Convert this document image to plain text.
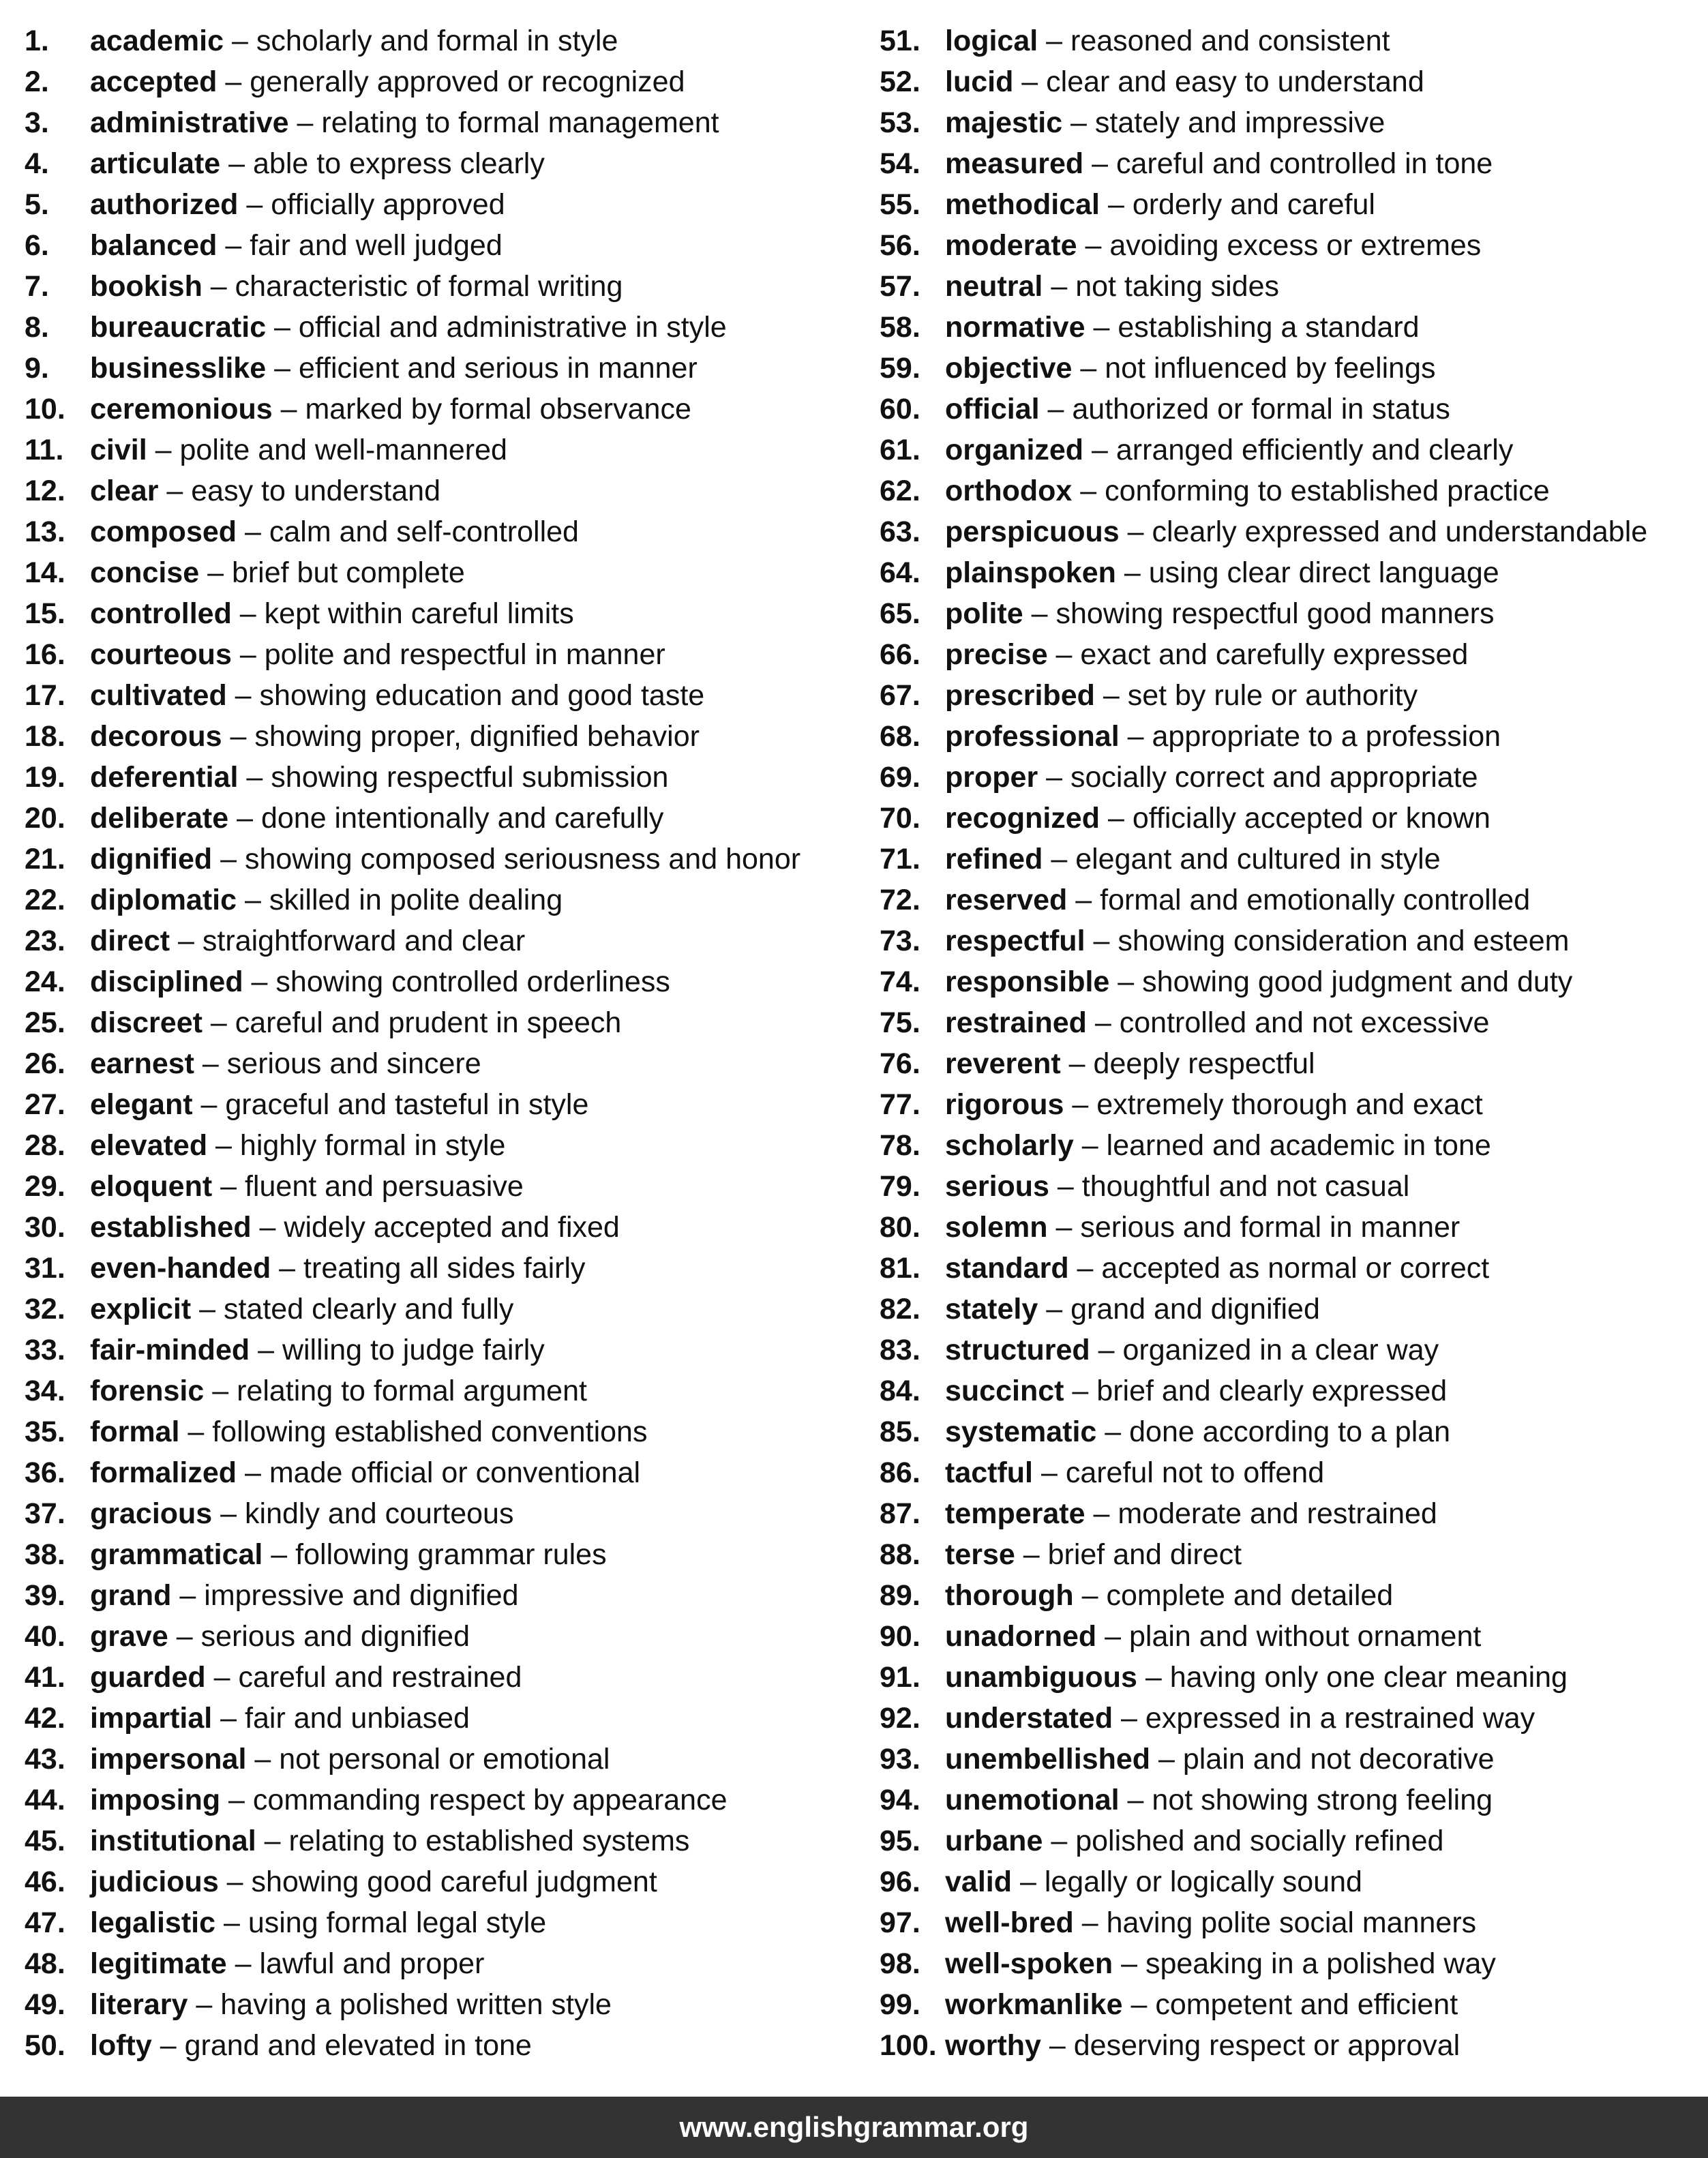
1.	academic – scholarly and formal in style
2.	accepted – generally approved or recognized
3.	administrative – relating to formal management
4.	articulate – able to express clearly
5.	authorized – officially approved
6.	balanced – fair and well judged
7.	bookish – characteristic of formal writing
8.	bureaucratic – official and administrative in style
9.	businesslike – efficient and serious in manner
10. ceremonious – marked by formal observance
11. civil – polite and well-mannered
12. clear – easy to understand
13. composed – calm and self-controlled
14. concise – brief but complete
15. controlled – kept within careful limits
16. courteous – polite and respectful in manner
17. cultivated – showing education and good taste
18. decorous – showing proper, dignified behavior
19. deferential – showing respectful submission
20. deliberate – done intentionally and carefully
21. dignified – showing composed seriousness and honor
22. diplomatic – skilled in polite dealing
23. direct – straightforward and clear
24. disciplined – showing controlled orderliness
25. discreet – careful and prudent in speech
26. earnest – serious and sincere
27. elegant – graceful and tasteful in style
28. elevated – highly formal in style
29. eloquent – fluent and persuasive
30. established – widely accepted and fixed
31. even-handed – treating all sides fairly
32. explicit – stated clearly and fully
33. fair-minded – willing to judge fairly
34. forensic – relating to formal argument
35. formal – following established conventions
36. formalized – made official or conventional
37. gracious – kindly and courteous
38. grammatical – following grammar rules
39. grand – impressive and dignified
40. grave – serious and dignified
41. guarded – careful and restrained
42. impartial – fair and unbiased
43. impersonal – not personal or emotional
44. imposing – commanding respect by appearance
45. institutional – relating to established systems
46. judicious – showing good careful judgment
47. legalistic – using formal legal style
48. legitimate – lawful and proper
49. literary – having a polished written style
50. lofty – grand and elevated in tone
51. logical – reasoned and consistent
52. lucid – clear and easy to understand
53. majestic – stately and impressive
54. measured – careful and controlled in tone
55. methodical – orderly and careful
56. moderate – avoiding excess or extremes
57. neutral – not taking sides
58. normative – establishing a standard
59. objective – not influenced by feelings
60. official – authorized or formal in status
61. organized – arranged efficiently and clearly
62. orthodox – conforming to established practice
63. perspicuous – clearly expressed and understandable
64. plainspoken – using clear direct language
65. polite – showing respectful good manners
66. precise – exact and carefully expressed
67. prescribed – set by rule or authority
68. professional – appropriate to a profession
69. proper – socially correct and appropriate
70. recognized – officially accepted or known
71. refined – elegant and cultured in style
72. reserved – formal and emotionally controlled
73. respectful – showing consideration and esteem
74. responsible – showing good judgment and duty
75. restrained – controlled and not excessive
76. reverent – deeply respectful
77. rigorous – extremely thorough and exact
78. scholarly – learned and academic in tone
79. serious – thoughtful and not casual
80. solemn – serious and formal in manner
81. standard – accepted as normal or correct
82. stately – grand and dignified
83. structured – organized in a clear way
84. succinct – brief and clearly expressed
85. systematic – done according to a plan
86. tactful – careful not to offend
87. temperate – moderate and restrained
88. terse – brief and direct
89. thorough – complete and detailed
90. unadorned – plain and without ornament
91. unambiguous – having only one clear meaning
92. understated – expressed in a restrained way
93. unembellished – plain and not decorative
94. unemotional – not showing strong feeling
95. urbane – polished and socially refined
96. valid – legally or logically sound
97. well-bred – having polite social manners
98. well-spoken – speaking in a polished way
99. workmanlike – competent and efficient
100. worthy – deserving respect or approval
www.englishgrammar.org
